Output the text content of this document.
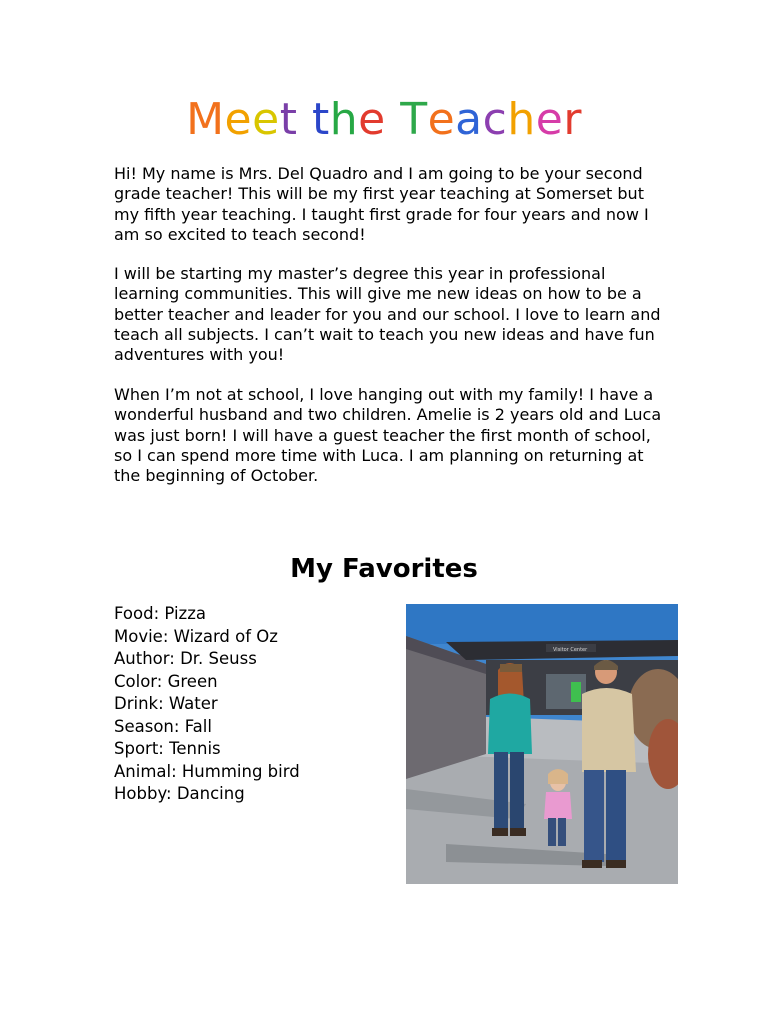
Meet the Teacher

Hi! My name is Mrs. Del Quadro and I am going to be your second grade teacher! This will be my first year teaching at Somerset but my fifth year teaching. I taught first grade for four years and now I am so excited to teach second!

I will be starting my master’s degree this year in professional learning communities. This will give me new ideas on how to be a better teacher and leader for you and our school. I love to learn and teach all subjects. I can’t wait to teach you new ideas and have fun adventures with you!

When I’m not at school, I love hanging out with my family! I have a wonderful husband and two children. Amelie is 2 years old and Luca was just born! I will have a guest teacher the first month of school, so I can spend more time with Luca. I am planning on returning at the beginning of October.

My Favorites
Food: Pizza
Movie: Wizard of Oz
Author: Dr. Seuss
Color: Green
Drink: Water
Season: Fall
Sport: Tennis
Animal: Humming bird
Hobby: Dancing
Visitor Center
